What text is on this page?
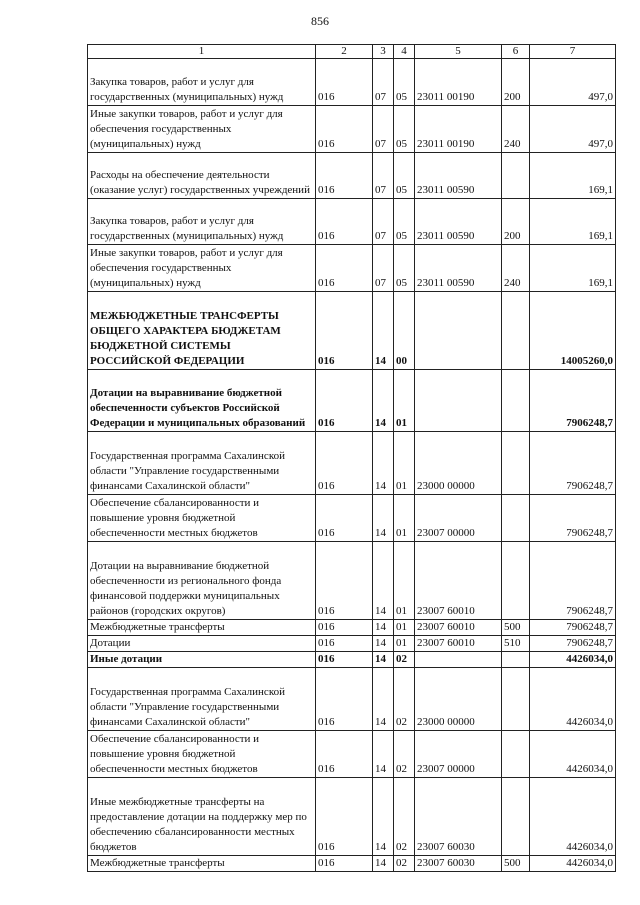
856
1	2	3	4	5	6	7
Закупка товаров, работ и услуг для государственных (муниципальных) нужд	016	07	05	23011 00190	200	497,0
Иные закупки товаров, работ и услуг для обеспечения государственных (муниципальных) нужд	016	07	05	23011 00190	240	497,0
Расходы на обеспечение деятельности (оказание услуг) государственных учреждений	016	07	05	23011 00590		169,1
Закупка товаров, работ и услуг для государственных (муниципальных) нужд	016	07	05	23011 00590	200	169,1
Иные закупки товаров, работ и услуг для обеспечения государственных (муниципальных) нужд	016	07	05	23011 00590	240	169,1
МЕЖБЮДЖЕТНЫЕ ТРАНСФЕРТЫ ОБЩЕГО ХАРАКТЕРА БЮДЖЕТАМ БЮДЖЕТНОЙ СИСТЕМЫ РОССИЙСКОЙ ФЕДЕРАЦИИ	016	14	00			14005260,0
Дотации на выравнивание бюджетной обеспеченности субъектов Российской Федерации и муниципальных образований	016	14	01			7906248,7
Государственная программа Сахалинской области "Управление государственными финансами Сахалинской области"	016	14	01	23000 00000		7906248,7
Обеспечение сбалансированности и повышение уровня бюджетной обеспеченности местных бюджетов	016	14	01	23007 00000		7906248,7
Дотации на выравнивание бюджетной обеспеченности из регионального фонда финансовой поддержки муниципальных районов (городских округов)	016	14	01	23007 60010		7906248,7
Межбюджетные трансферты	016	14	01	23007 60010	500	7906248,7
Дотации	016	14	01	23007 60010	510	7906248,7
Иные дотации	016	14	02			4426034,0
Государственная программа Сахалинской области "Управление государственными финансами Сахалинской области"	016	14	02	23000 00000		4426034,0
Обеспечение сбалансированности и повышение уровня бюджетной обеспеченности местных бюджетов	016	14	02	23007 00000		4426034,0
Иные межбюджетные трансферты на предоставление дотации на поддержку мер по обеспечению сбалансированности местных бюджетов	016	14	02	23007 60030		4426034,0
Межбюджетные трансферты	016	14	02	23007 60030	500	4426034,0
